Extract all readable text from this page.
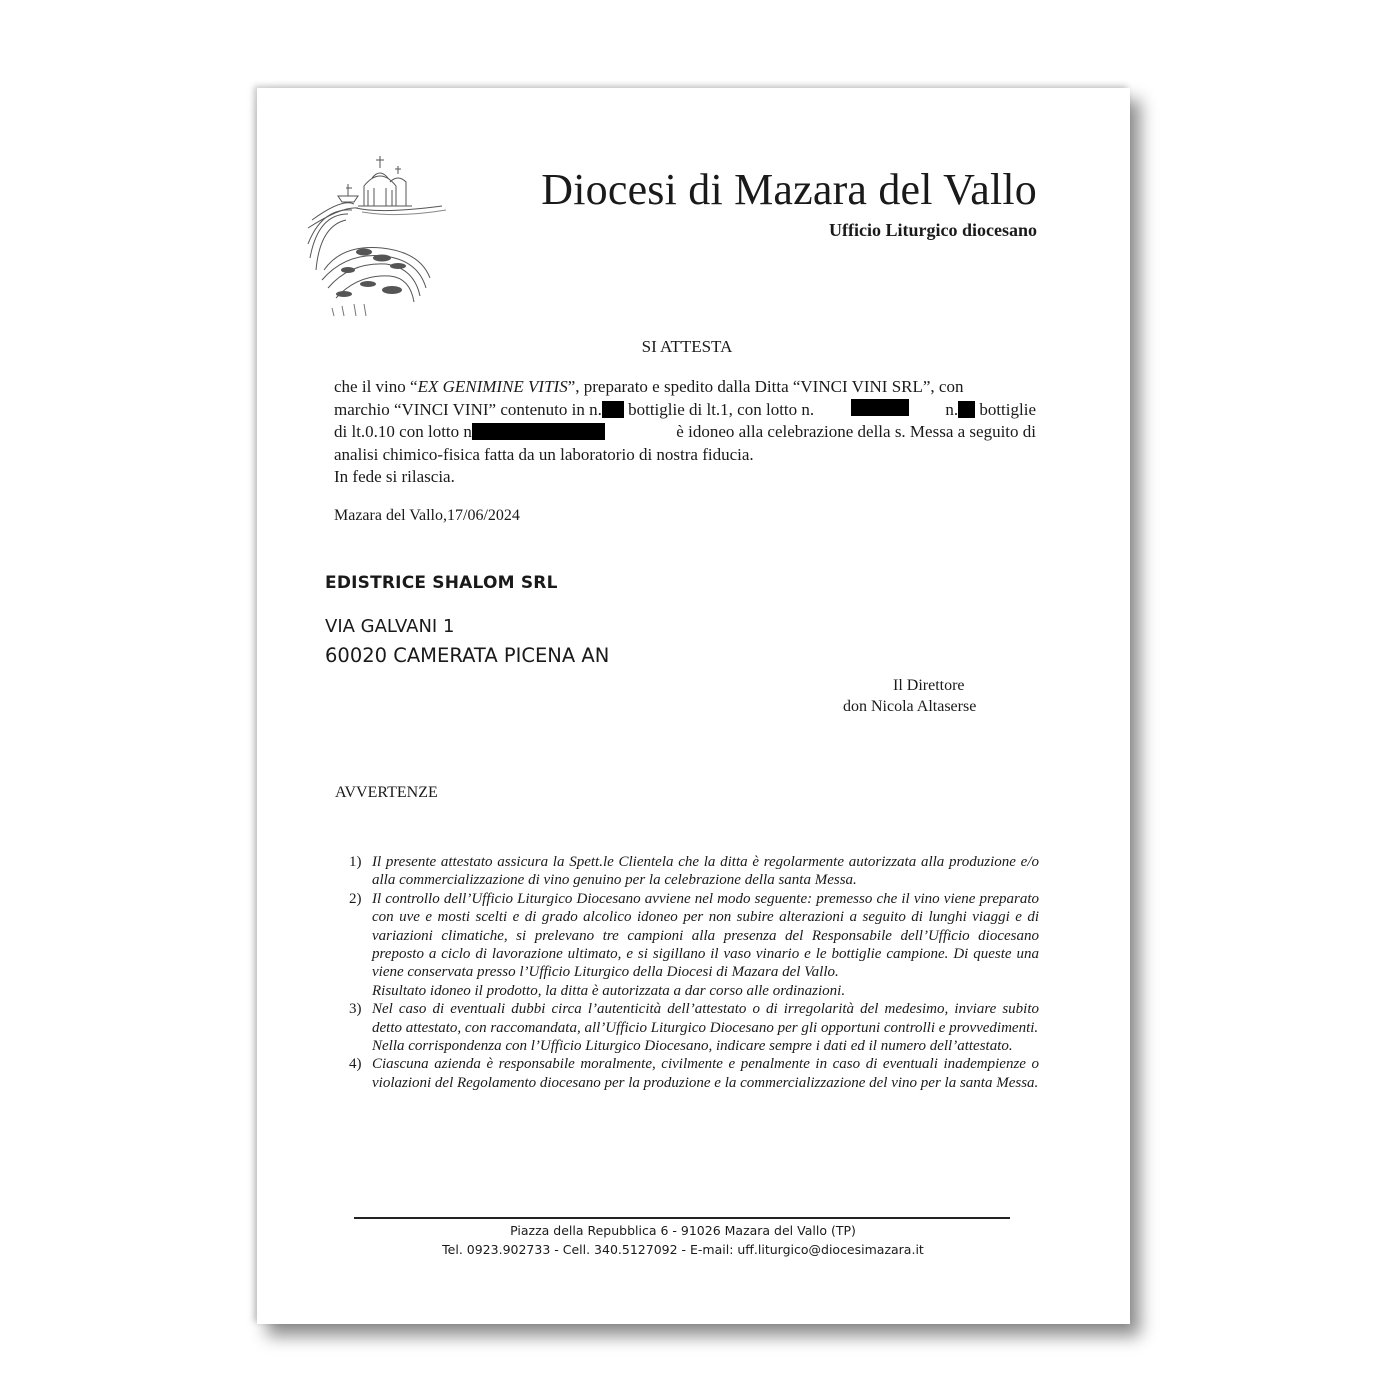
Diocesi di Mazara del Vallo
Ufficio Liturgico diocesano
SI ATTESTA
che il vino “EX GENIMINE VITIS”, preparato e spedito dalla Ditta “VINCI VINI SRL”, con
marchio “VINCI VINI” contenuto in n. bottiglie di lt.1, con lotto n.	n. bottiglie
di lt.0.10 con lotto n	è idoneo alla celebrazione della s. Messa a seguito di
analisi chimico-fisica fatta da un laboratorio di nostra fiducia.
In fede si rilascia.
Mazara del Vallo,17/06/2024
EDISTRICE SHALOM SRL
VIA GALVANI 1
60020 CAMERATA PICENA AN
Il Direttore
don Nicola Altaserse
AVVERTENZE
1) Il presente attestato assicura la Spett.le Clientela che la ditta è regolarmente autorizzata alla produzione e/o alla commercializzazione di vino genuino per la celebrazione della santa Messa.

2) Il controllo dell’Ufficio Liturgico Diocesano avviene nel modo seguente: premesso che il vino viene preparato con uve e mosti scelti e di grado alcolico idoneo per non subire alterazioni a seguito di lunghi viaggi e di variazioni climatiche, si prelevano tre campioni alla presenza del Responsabile dell’Ufficio diocesano preposto a ciclo di lavorazione ultimato, e si sigillano il vaso vinario e le bottiglie campione. Di queste una viene conservata presso l’Ufficio Liturgico della Diocesi di Mazara del Vallo.

Risultato idoneo il prodotto, la ditta è autorizzata a dar corso alle ordinazioni.

3) Nel caso di eventuali dubbi circa l’autenticità dell’attestato o di irregolarità del medesimo, inviare subito detto attestato, con raccomandata, all’Ufficio Liturgico Diocesano per gli opportuni controlli e provvedimenti.

Nella corrispondenza con l’Ufficio Liturgico Diocesano, indicare sempre i dati ed il numero dell’attestato.

4) Ciascuna azienda è responsabile moralmente, civilmente e penalmente in caso di eventuali inadempienze o violazioni del Regolamento diocesano per la produzione e la commercializzazione del vino per la santa Messa.

Piazza della Repubblica 6 - 91026 Mazara del Vallo (TP)
Tel. 0923.902733 - Cell. 340.5127092 - E-mail: uff.liturgico@diocesimazara.it
